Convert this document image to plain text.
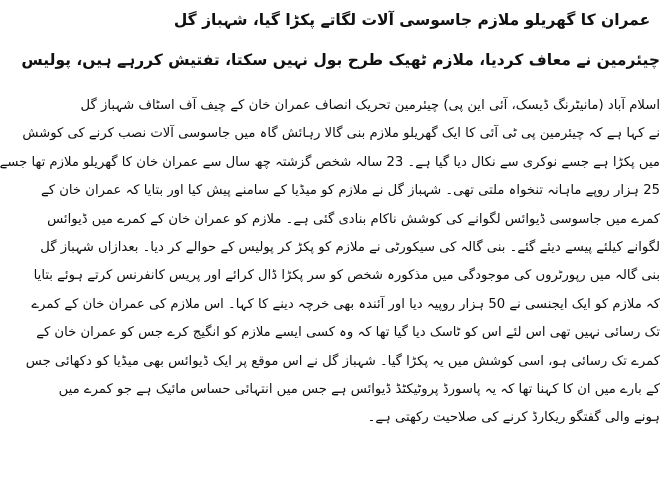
عمران کا گھریلو ملازم جاسوسی آلات لگاتے پکڑا گیا، شہباز گل
چیئرمین نے معاف کردیا، ملازم ٹھیک طرح بول نہیں سکتا، تفتیش کررہے ہیں، پولیس
اسلام آباد (مانیٹرنگ ڈیسک، آئی این پی) چیئرمین تحریک انصاف عمران خان کے چیف آف اسٹاف شہباز گل
نے کہا ہے کہ چیئرمین پی ٹی آئی کا ایک گھریلو ملازم بنی گالا رہائش گاہ میں جاسوسی آلات نصب کرنے کی کوشش
میں پکڑا ہے جسے نوکری سے نکال دیا گیا ہے۔ 23 سالہ شخص گزشتہ چھ سال سے عمران خان کا گھریلو ملازم تھا جسے
25 ہزار روپے ماہانہ تنخواہ ملتی تھی۔ شہباز گل نے ملازم کو میڈیا کے سامنے پیش کیا اور بتایا کہ عمران خان کے
کمرے میں جاسوسی ڈیوائس لگوانے کی کوشش ناکام بنادی گئی ہے۔ ملازم کو عمران خان کے کمرے میں ڈیوائس
لگوانے کیلئے پیسے دیئے گئے۔ بنی گالہ کی سیکورٹی نے ملازم کو پکڑ کر پولیس کے حوالے کر دیا۔ بعدازاں شہباز گل
بنی گالہ میں رپورٹروں کی موجودگی میں مذکورہ شخص کو سر پکڑا ڈال کرائے اور پریس کانفرنس کرتے ہوئے بتایا
کہ ملازم کو ایک ایجنسی نے 50 ہزار روپیہ دیا اور آئندہ بھی خرچہ دینے کا کہا۔ اس ملازم کی عمران خان کے کمرے
تک رسائی نہیں تھی اس لئے اس کو ٹاسک دیا گیا تھا کہ وہ کسی ایسے ملازم کو انگیج کرے جس کو عمران خان کے
کمرے تک رسائی ہو، اسی کوشش میں یہ پکڑا گیا۔ شہباز گل نے اس موقع پر ایک ڈیوائس بھی میڈیا کو دکھائی جس
کے بارے میں ان کا کہنا تھا کہ یہ پاسورڈ پروٹیکٹڈ ڈیوائس ہے جس میں انتہائی حساس مائیک ہے جو کمرے میں
ہونے والی گفتگو ریکارڈ کرنے کی صلاحیت رکھتی ہے۔
